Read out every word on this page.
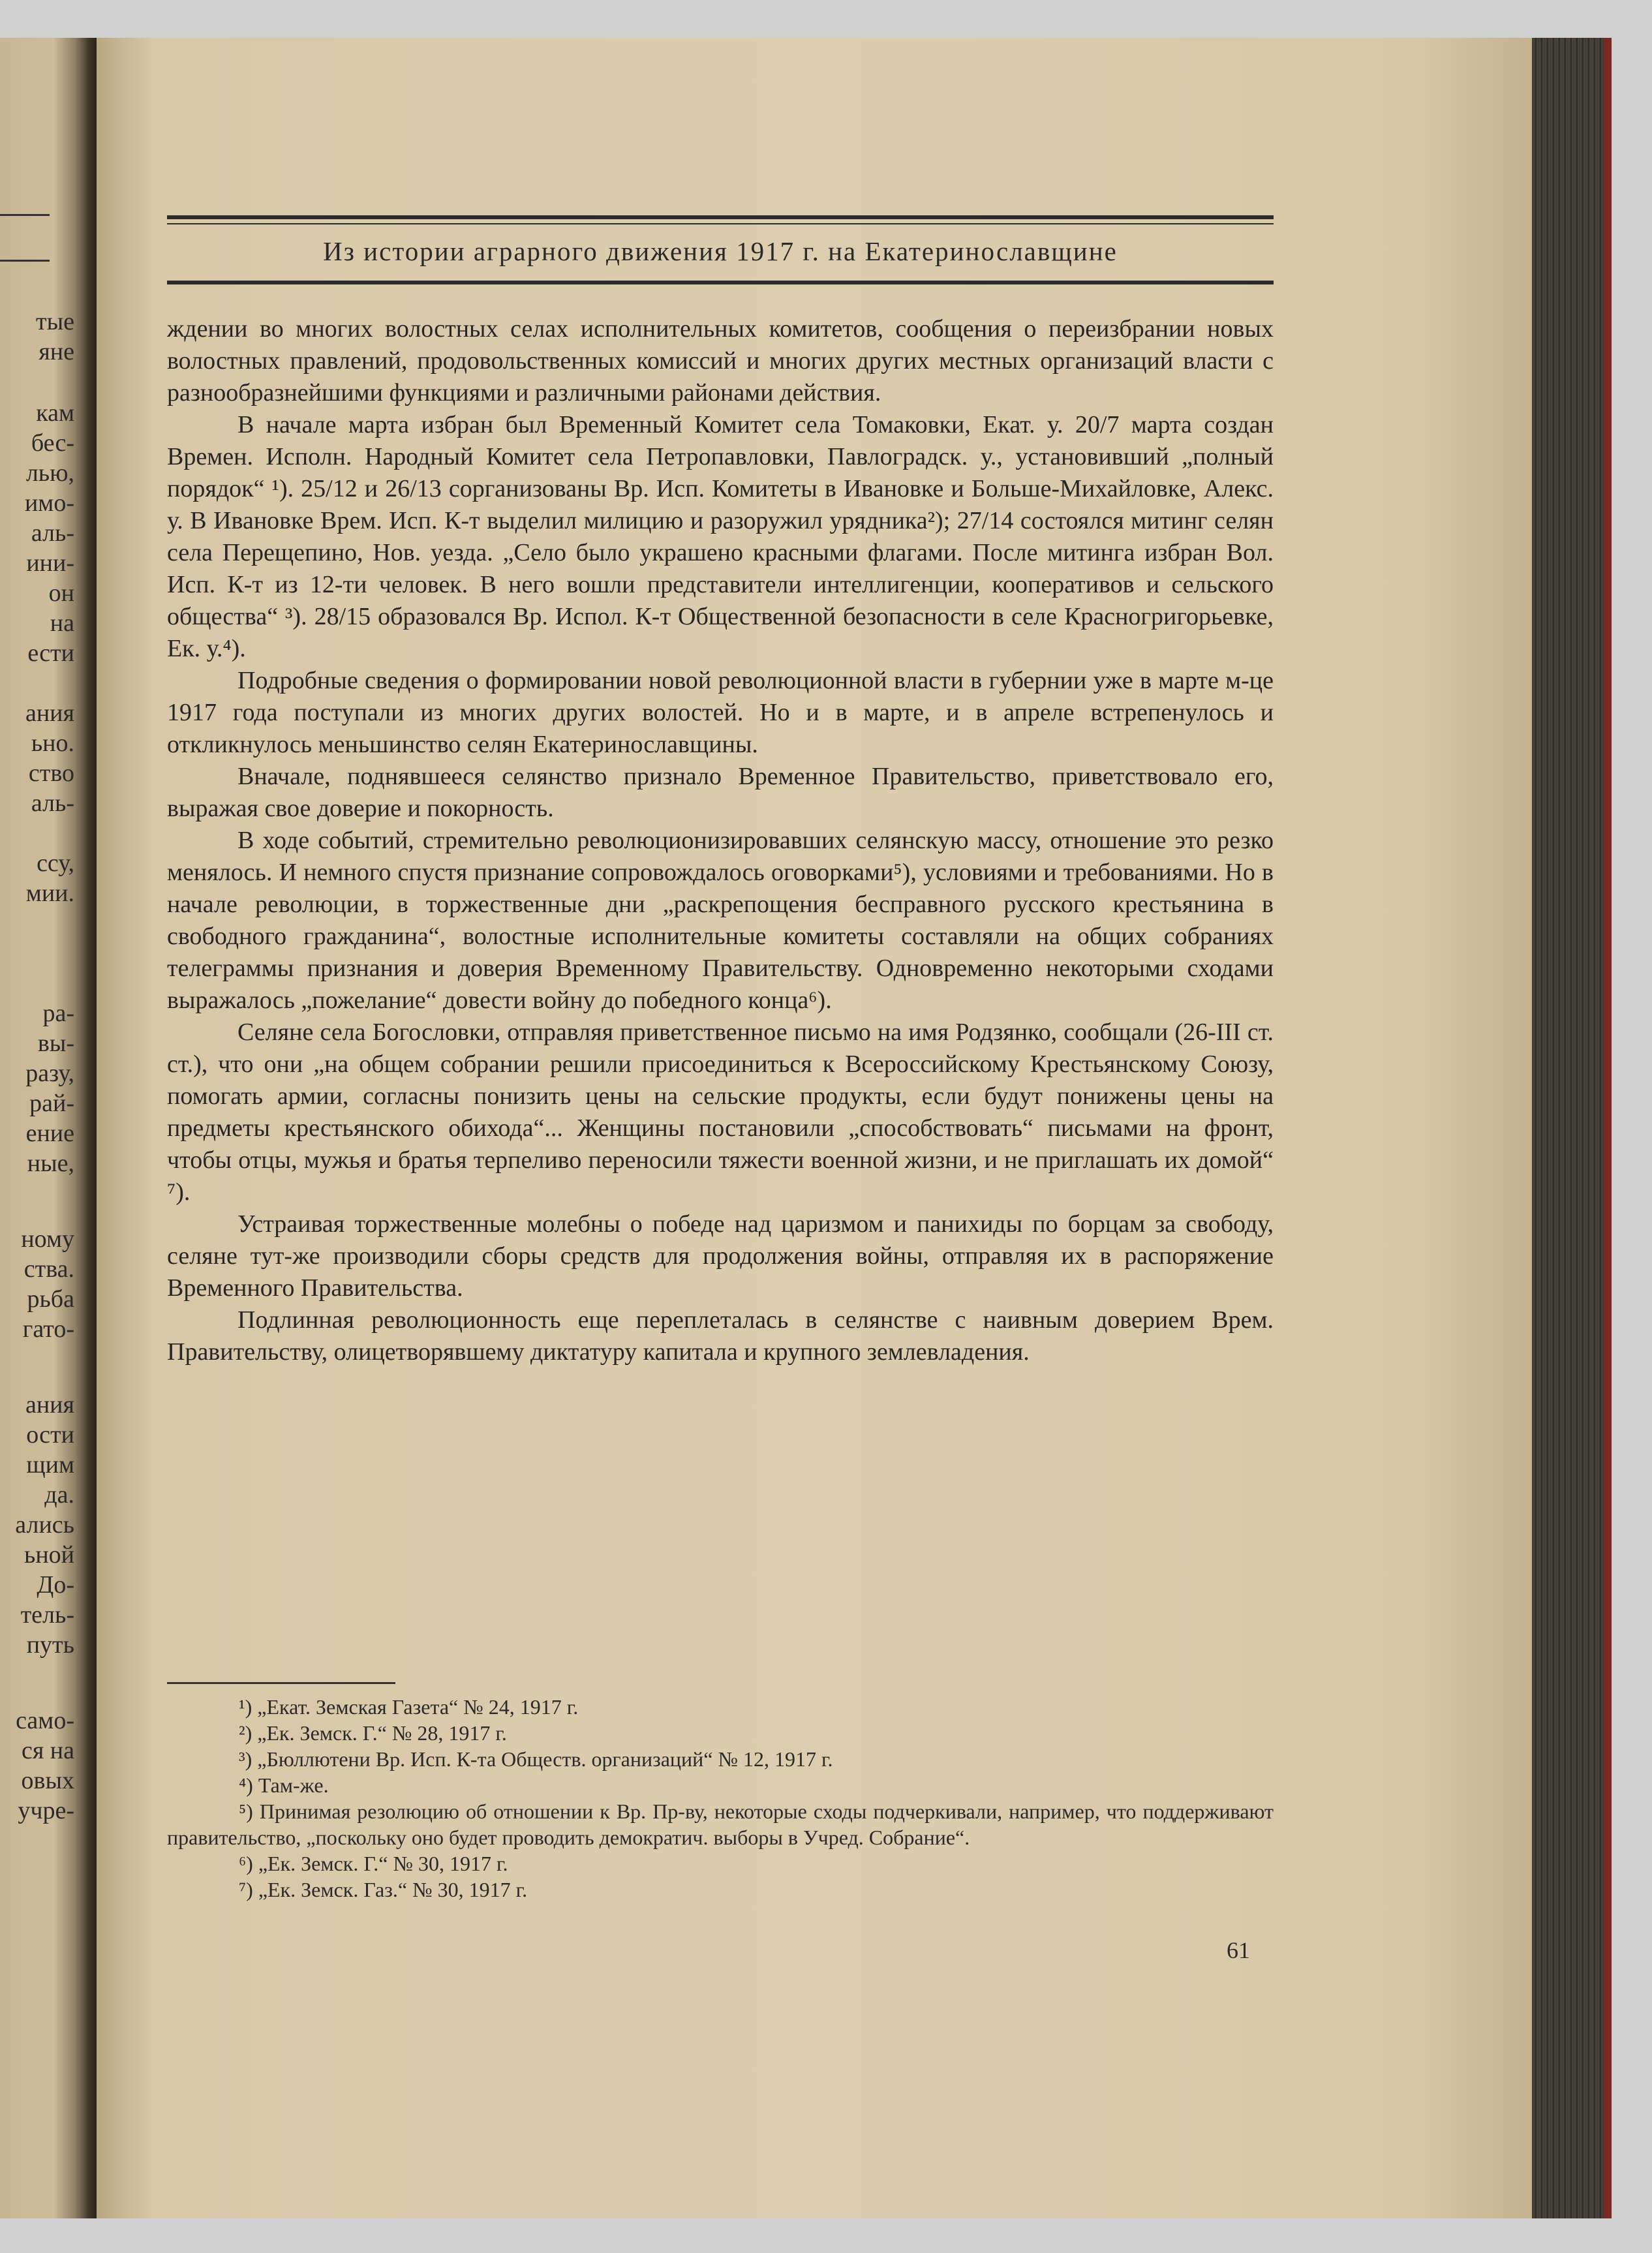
тые
яне
кам
бес-
лью,
имо-
аль-
ини-
он
на
ести
ания
ьно.
ство
аль-
ссу,
мии.
ра-
вы-
разу,
рай-
ение
ные,
ному
ства.
рьба
гато-
ания
ости
щим
да.
ались
ьной
До-
тель-
путь
само-
ся на
овых
учре-
Из истории аграрного движения 1917 г. на Екатеринославщине

ждении во многих волостных селах исполнительных комитетов, сообщения о переизбрании новых волостных правлений, продовольственных комиссий и многих других местных организаций власти с разнообразнейшими функциями и различными районами действия.

В начале марта избран был Временный Комитет села Томаковки, Екат. у. 20/7 марта создан Времен. Исполн. Народный Комитет села Петропавловки, Павлоградск. у., установивший „полный порядок“ ¹). 25/12 и 26/13 сорганизованы Вр. Исп. Комитеты в Ивановке и Больше-Михайловке, Алекс. у. В Ивановке Врем. Исп. К-т выделил милицию и разоружил урядника²); 27/14 состоялся митинг селян села Перещепино, Нов. уезда. „Село было украшено красными флагами. После митинга избран Вол. Исп. К-т из 12-ти человек. В него вошли представители интеллигенции, кооперативов и сельского общества“ ³). 28/15 образовался Вр. Испол. К-т Общественной безопасности в селе Красногригорьевке, Ек. у.⁴).

Подробные сведения о формировании новой революционной власти в губернии уже в марте м-це 1917 года поступали из многих других волостей. Но и в марте, и в апреле встрепенулось и откликнулось меньшинство селян Екатеринославщины.

Вначале, поднявшееся селянство признало Временное Правительство, приветствовало его, выражая свое доверие и покорность.

В ходе событий, стремительно революционизировавших селянскую массу, отношение это резко менялось. И немного спустя признание сопровождалось оговорками⁵), условиями и требованиями. Но в начале революции, в торжественные дни „раскрепощения бесправного русского крестьянина в свободного гражданина“, волостные исполнительные комитеты составляли на общих собраниях телеграммы признания и доверия Временному Правительству. Одновременно некоторыми сходами выражалось „пожелание“ довести войну до победного конца⁶).

Селяне села Богословки, отправляя приветственное письмо на имя Родзянко, сообщали (26-III ст. ст.), что они „на общем собрании решили присоединиться к Всероссийскому Крестьянскому Союзу, помогать армии, согласны понизить цены на сельские продукты, если будут понижены цены на предметы крестьянского обихода“... Женщины постановили „способствовать“ письмами на фронт, чтобы отцы, мужья и братья терпеливо переносили тяжести военной жизни, и не приглашать их домой“ ⁷).

Устраивая торжественные молебны о победе над царизмом и панихиды по борцам за свободу, селяне тут-же производили сборы средств для продолжения войны, отправляя их в распоряжение Временного Правительства.

Подлинная революционность еще переплеталась в селянстве с наивным доверием Врем. Правительству, олицетворявшему диктатуру капитала и крупного землевладения.

¹) „Екат. Земская Газета“ № 24, 1917 г.

²) „Ек. Земск. Г.“ № 28, 1917 г.

³) „Бюллютени Вр. Исп. К-та Обществ. организаций“ № 12, 1917 г.

⁴) Там-же.

⁵) Принимая резолюцию об отношении к Вр. Пр-ву, некоторые сходы подчеркивали, например, что поддерживают правительство, „поскольку оно будет проводить демократич. выборы в Учред. Собрание“.

⁶) „Ек. Земск. Г.“ № 30, 1917 г.

⁷) „Ек. Земск. Газ.“ № 30, 1917 г.

61
